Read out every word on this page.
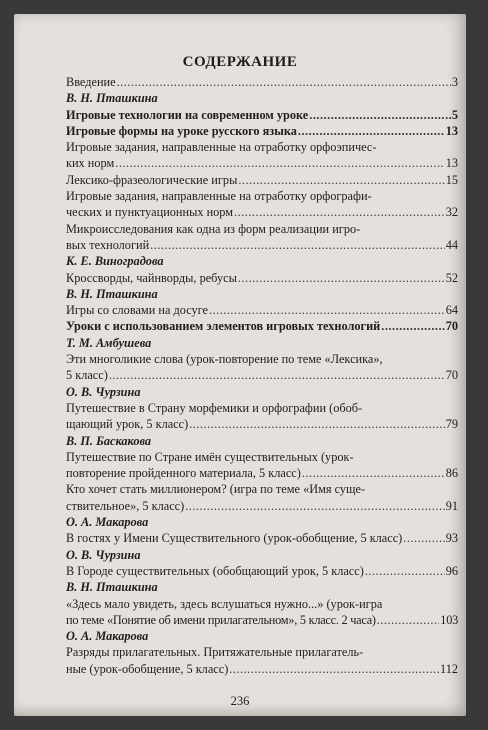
СОДЕРЖАНИЕ
Введение .....	3
В. Н. Пташкина
Игровые технологии на современном уроке .....	5
Игровые формы на уроке русского языка .....	13
Игровые задания, направленные на отработку орфоэпичес-
ких норм .....	13
Лексико-фразеологические игры .....	15
Игровые задания, направленные на отработку орфографи-
ческих и пунктуационных норм .....	32
Микроисследования как одна из форм реализации игро-
вых технологий .....	44
К. Е. Виноградова
Кроссворды, чайнворды, ребусы .....	52
В. Н. Пташкина
Игры со словами на досуге .....	64
Уроки с использованием элементов игровых технологий .....	70
Т. М. Амбушева
Эти многоликие слова (урок-повторение по теме «Лексика»,
5 класс) .....	70
О. В. Чурзина
Путешествие в Страну морфемики и орфографии (обоб-
щающий урок, 5 класс) .....	79
В. П. Баскакова
Путешествие по Стране имён существительных (урок-
повторение пройденного материала, 5 класс) .....	86
Кто хочет стать миллионером? (игра по теме «Имя суще-
ствительное», 5 класс) .....	91
О. А. Макарова
В гостях у Имени Существительного (урок-обобщение, 5 класс) .....	93
О. В. Чурзина
В Городе существительных (обобщающий урок, 5 класс) .....	96
В. Н. Пташкина
«Здесь мало увидеть, здесь вслушаться нужно...» (урок-игра
по теме «Понятие об имени прилагательном», 5 класс. 2 часа) .....	103
О. А. Макарова
Разряды прилагательных. Притяжательные прилагатель-
ные (урок-обобщение, 5 класс) .....	112
236
